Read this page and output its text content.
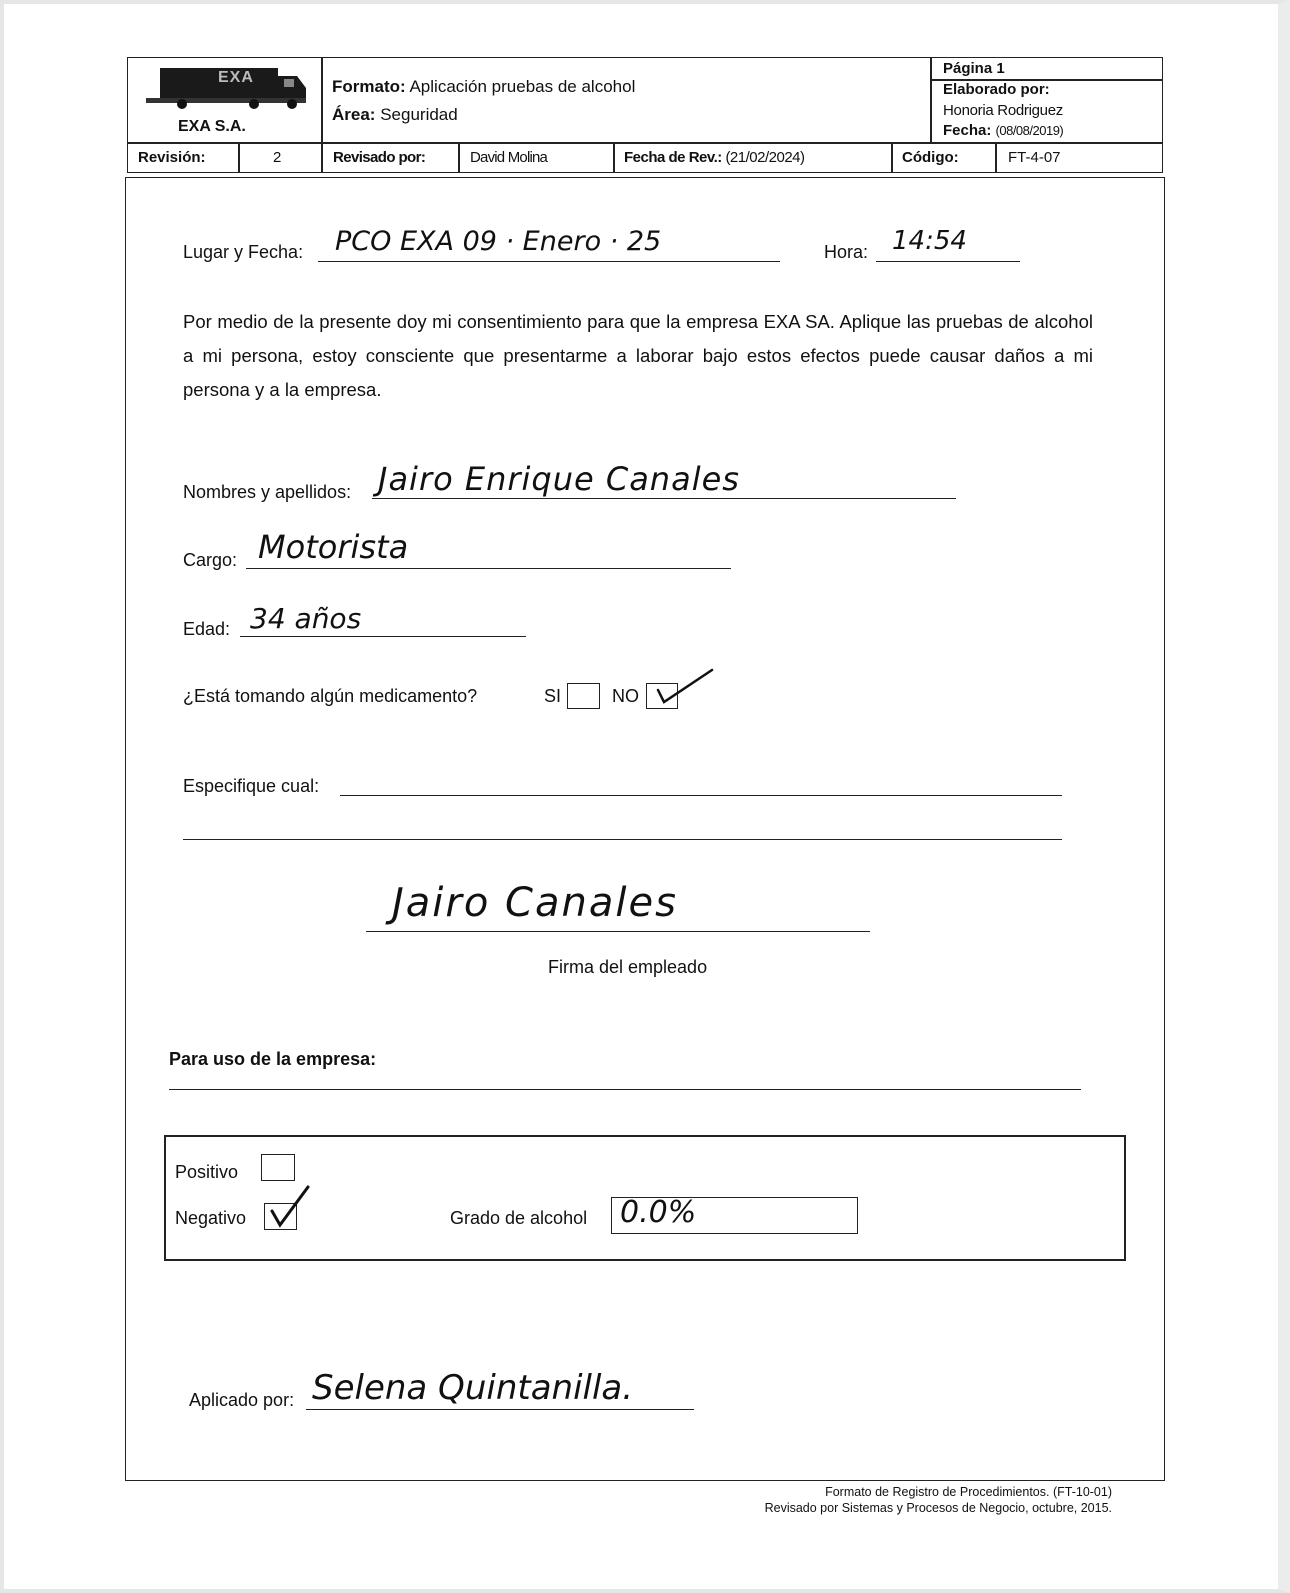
EXA
EXA S.A.
Formato: Aplicación pruebas de alcohol
Área: Seguridad
Página 1
Elaborado por:
Honoria Rodriguez
Fecha: (08/08/2019)
Revisión:	2	Revisado por:	David Molina	Fecha de Rev.: (21/02/2024)	Código:	FT-4-07
Lugar y Fecha: PCO EXA 09 · Enero · 25	Hora: 14:54
Por medio de la presente doy mi consentimiento para que la empresa EXA SA. Aplique las pruebas de alcohol a mi persona, estoy consciente que presentarme a laborar bajo estos efectos puede causar daños a mi persona y a la empresa.
Nombres y apellidos: Jairo Enrique Canales
Cargo: Motorista
Edad: 34 años
¿Está tomando algún medicamento?	SI	NO
Especifique cual:
Jairo Canales
Firma del empleado
Para uso de la empresa:
Positivo
Negativo	Grado de alcohol 0.0%
Aplicado por: Selena Quintanilla.
Formato de Registro de Procedimientos. (FT-10-01)
Revisado por Sistemas y Procesos de Negocio, octubre, 2015.
